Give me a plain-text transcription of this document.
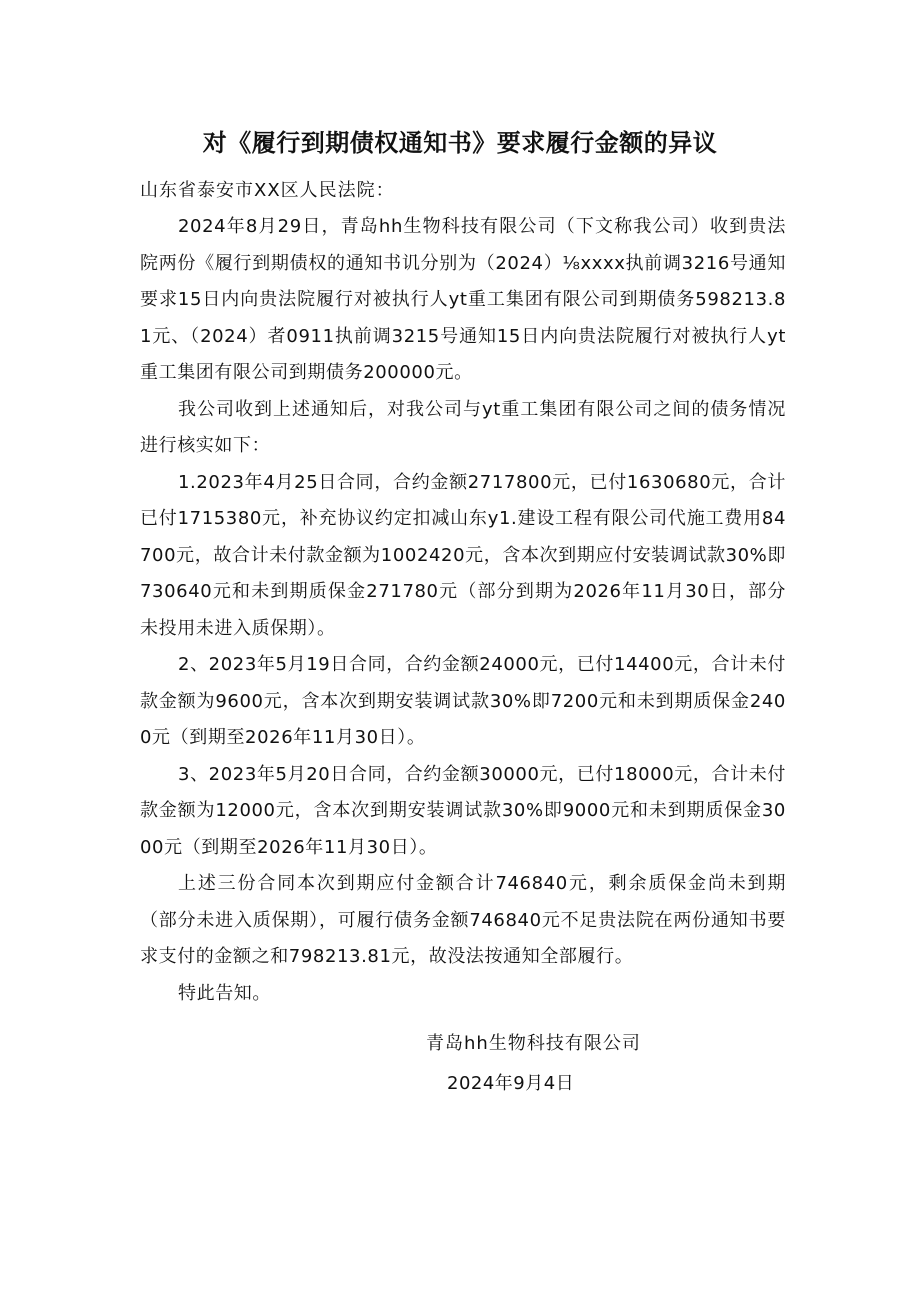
对《履行到期债权通知书》要求履行金额的异议
山东省泰安市XX区人民法院：

2024年8月29日，青岛hh生物科技有限公司（下文称我公司）收到贵法院两份《履行到期债权的通知书讥分别为（2024）⅛xxxx执前调3216号通知要求15日内向贵法院履行对被执行人yt重工集团有限公司到期债务598213.81元、（2024）者0911执前调3215号通知15日内向贵法院履行对被执行人yt重工集团有限公司到期债务200000元。

我公司收到上述通知后，对我公司与yt重工集团有限公司之间的债务情况进行核实如下：

1.2023年4月25日合同，合约金额2717800元，已付1630680元，合计已付1715380元，补充协议约定扣减山东y1.建设工程有限公司代施工费用84700元，故合计未付款金额为1002420元，含本次到期应付安装调试款30%即730640元和未到期质保金271780元（部分到期为2026年11月30日，部分未投用未进入质保期）。

2、2023年5月19日合同，合约金额24000元，已付14400元，合计未付款金额为9600元，含本次到期安装调试款30%即7200元和未到期质保金2400元（到期至2026年11月30日）。

3、2023年5月20日合同，合约金额30000元，已付18000元，合计未付款金额为12000元，含本次到期安装调试款30%即9000元和未到期质保金3000元（到期至2026年11月30日）。

上述三份合同本次到期应付金额合计746840元，剩余质保金尚未到期（部分未进入质保期），可履行债务金额746840元不足贵法院在两份通知书要求支付的金额之和798213.81元，故没法按通知全部履行。

特此告知。

青岛hh生物科技有限公司
2024年9月4日
